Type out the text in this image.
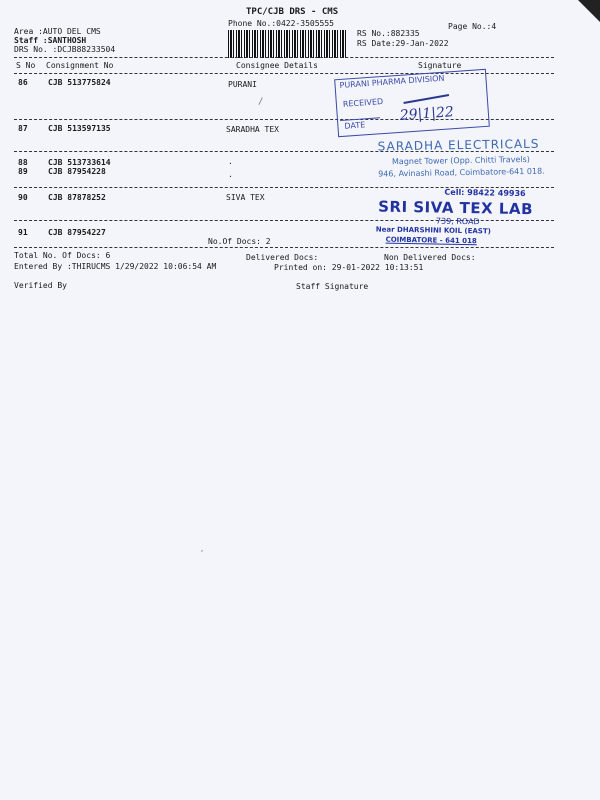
TPC/CJB DRS - CMS
Phone No.:0422-3505555
Area :AUTO DEL CMS
Staff :SANTHOSH
DRS No. :DCJB88233504
RS No.:882335
RS Date:29-Jan-2022
Page No.:4
S No Consignment No	Consignee Details	Signature
86	CJB 513775824	PURANI
87	CJB 513597135	SARADHA TEX
88	CJB 513733614	.
89	CJB 87954228	.
90	CJB 87878252	SIVA TEX
91	CJB 87954227
No.Of Docs: 2
Total No. Of Docs: 6	Delivered Docs:	Non Delivered Docs:
Entered By :THIRUCMS 1/29/2022 10:06:54 AM	Printed on: 29-01-2022 10:13:51
Verified By	Staff Signature
PURANI PHARMA DIVISION
RECEIVED
DATE
29|1|22
SARADHA ELECTRICALS
Magnet Tower (Opp. Chitti Travels)
946, Avinashi Road, Coimbatore-641 018.
Cell: 98422 49936
SRI SIVA TEX LAB
739, ROAD
Near DHARSHINI KOIL (EAST)
COIMBATORE - 641 018
/
,
